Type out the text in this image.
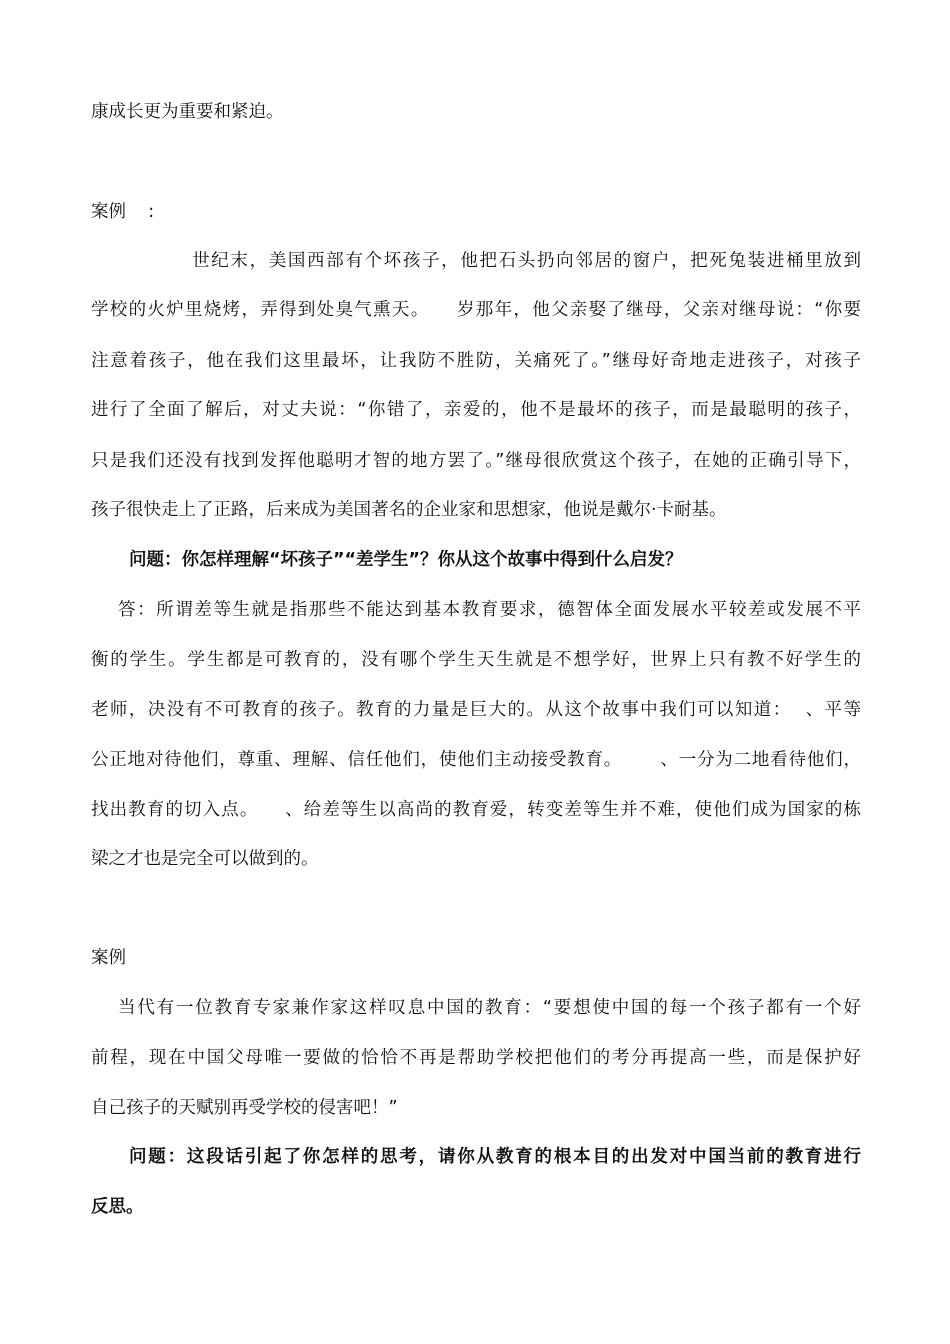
康成长更为重要和紧迫。
案例    :
世纪末，美国西部有个坏孩子，他把石头扔向邻居的窗户，把死兔装进桶里放到
学校的火炉里烧烤，弄得到处臭气熏天。    岁那年，他父亲娶了继母，父亲对继母说：“你要
注意着孩子，他在我们这里最坏，让我防不胜防，关痛死了。”继母好奇地走进孩子，对孩子
进行了全面了解后，对丈夫说：“你错了，亲爱的，他不是最坏的孩子，而是最聪明的孩子，
只是我们还没有找到发挥他聪明才智的地方罢了。”继母很欣赏这个孩子，在她的正确引导下，
孩子很快走上了正路，后来成为美国著名的企业家和思想家，他说是戴尔·卡耐基。
问题：你怎样理解“坏孩子”“差学生”？你从这个故事中得到什么启发？
答：所谓差等生就是指那些不能达到基本教育要求，德智体全面发展水平较差或发展不平
衡的学生。学生都是可教育的，没有哪个学生天生就是不想学好，世界上只有教不好学生的
老师，决没有不可教育的孩子。教育的力量是巨大的。从这个故事中我们可以知道：  、平等
公正地对待他们，尊重、理解、信任他们，使他们主动接受教育。      、一分为二地看待他们，
找出教育的切入点。    、给差等生以高尚的教育爱，转变差等生并不难，使他们成为国家的栋
梁之才也是完全可以做到的。
案例
当代有一位教育专家兼作家这样叹息中国的教育：“要想使中国的每一个孩子都有一个好
前程，现在中国父母唯一要做的恰恰不再是帮助学校把他们的考分再提高一些，而是保护好
自己孩子的天赋别再受学校的侵害吧！”
问题：这段话引起了你怎样的思考，请你从教育的根本目的出发对中国当前的教育进行
反思。
